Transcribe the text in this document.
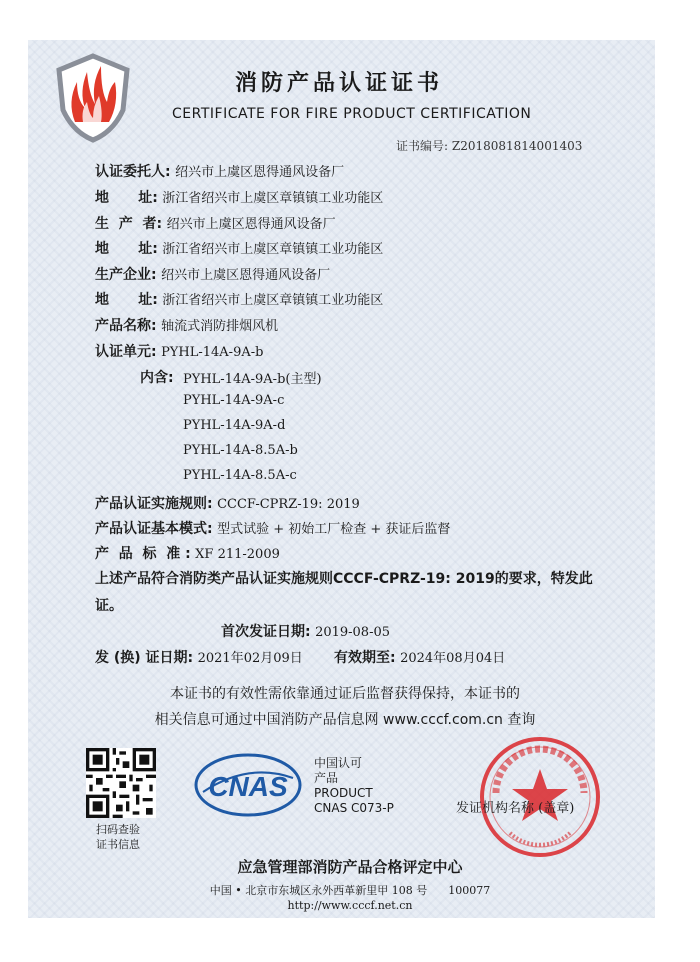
消防产品认证证书
CERTIFICATE FOR FIRE PRODUCT CERTIFICATION
证书编号: Z2018081814001403
认证委托人: 绍兴市上虞区恩得通风设备厂
地      址: 浙江省绍兴市上虞区章镇镇工业功能区
生  产  者: 绍兴市上虞区恩得通风设备厂
地      址: 浙江省绍兴市上虞区章镇镇工业功能区
生产企业: 绍兴市上虞区恩得通风设备厂
地      址: 浙江省绍兴市上虞区章镇镇工业功能区
产品名称: 轴流式消防排烟风机
认证单元: PYHL-14A-9A-b
内含: PYHL-14A-9A-b(主型)
PYHL-14A-9A-c
PYHL-14A-9A-d
PYHL-14A-8.5A-b
PYHL-14A-8.5A-c
产品认证实施规则: CCCF-CPRZ-19: 2019
产品认证基本模式: 型式试验 + 初始工厂检查 + 获证后监督
产  品  标  准 : XF 211-2009
上述产品符合消防类产品认证实施规则CCCF-CPRZ-19: 2019的要求，特发此证。
首次发证日期: 2019-08-05
发 (换) 证日期: 2021年02月09日 有效期至: 2024年08月04日
本证书的有效性需依靠通过证后监督获得保持，本证书的
相关信息可通过中国消防产品信息网 www.cccf.com.cn 查询
扫码查验
证书信息
CNAS
中国认可
产品
PRODUCT
CNAS C073-P	发证机构名称 (盖章)
应急管理部消防产品合格评定中心
中国 • 北京市东城区永外西革新里甲 108 号      100077
http://www.cccf.net.cn
